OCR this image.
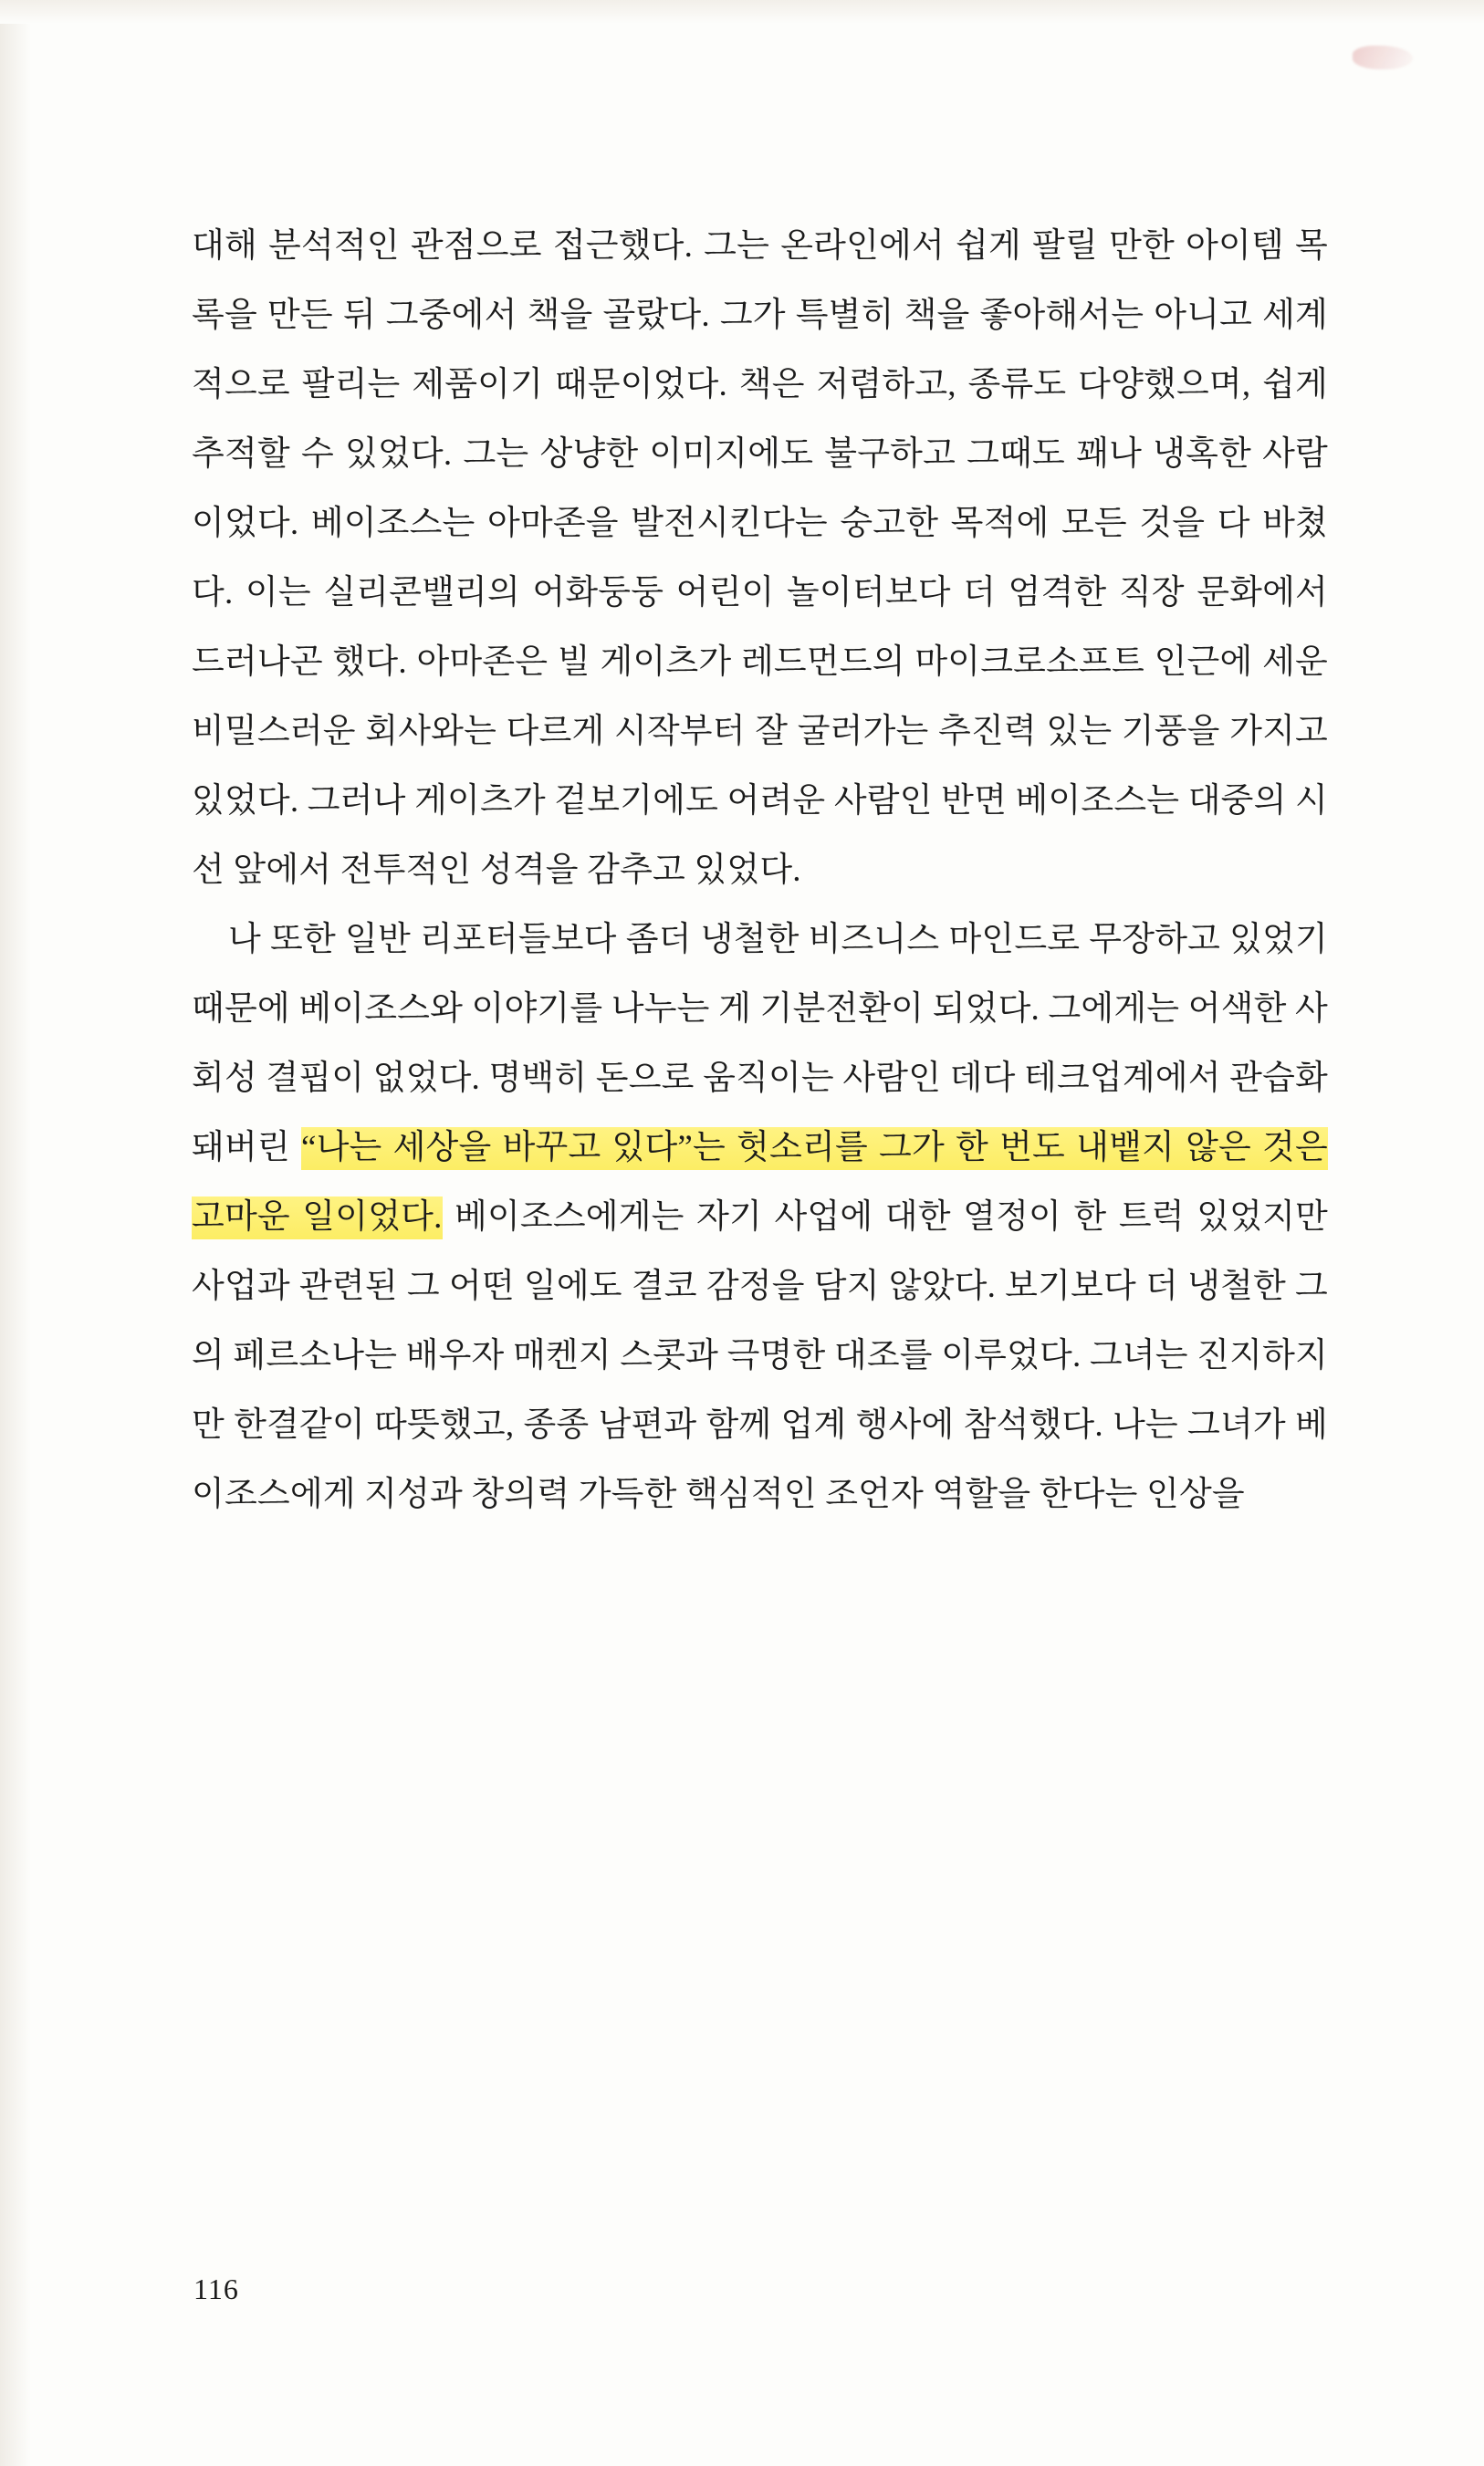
대해 분석적인 관점으로 접근했다. 그는 온라인에서 쉽게 팔릴 만한 아이템 목록을 만든 뒤 그중에서 책을 골랐다. 그가 특별히 책을 좋아해서는 아니고 세계적으로 팔리는 제품이기 때문이었다. 책은 저렴하고, 종류도 다양했으며, 쉽게 추적할 수 있었다. 그는 상냥한 이미지에도 불구하고 그때도 꽤나 냉혹한 사람이었다. 베이조스는 아마존을 발전시킨다는 숭고한 목적에 모든 것을 다 바쳤다. 이는 실리콘밸리의 어화둥둥 어린이 놀이터보다 더 엄격한 직장 문화에서 드러나곤 했다. 아마존은 빌 게이츠가 레드먼드의 마이크로소프트 인근에 세운 비밀스러운 회사와는 다르게 시작부터 잘 굴러가는 추진력 있는 기풍을 가지고 있었다. 그러나 게이츠가 겉보기에도 어려운 사람인 반면 베이조스는 대중의 시선 앞에서 전투적인 성격을 감추고 있었다.

나 또한 일반 리포터들보다 좀더 냉철한 비즈니스 마인드로 무장하고 있었기 때문에 베이조스와 이야기를 나누는 게 기분전환이 되었다. 그에게는 어색한 사회성 결핍이 없었다. 명백히 돈으로 움직이는 사람인 데다 테크업계에서 관습화돼버린 “나는 세상을 바꾸고 있다”는 헛소리를 그가 한 번도 내뱉지 않은 것은 고마운 일이었다. 베이조스에게는 자기 사업에 대한 열정이 한 트럭 있었지만 사업과 관련된 그 어떤 일에도 결코 감정을 담지 않았다. 보기보다 더 냉철한 그의 페르소나는 배우자 매켄지 스콧과 극명한 대조를 이루었다. 그녀는 진지하지만 한결같이 따뜻했고, 종종 남편과 함께 업계 행사에 참석했다. 나는 그녀가 베이조스에게 지성과 창의력 가득한 핵심적인 조언자 역할을 한다는 인상을

116
